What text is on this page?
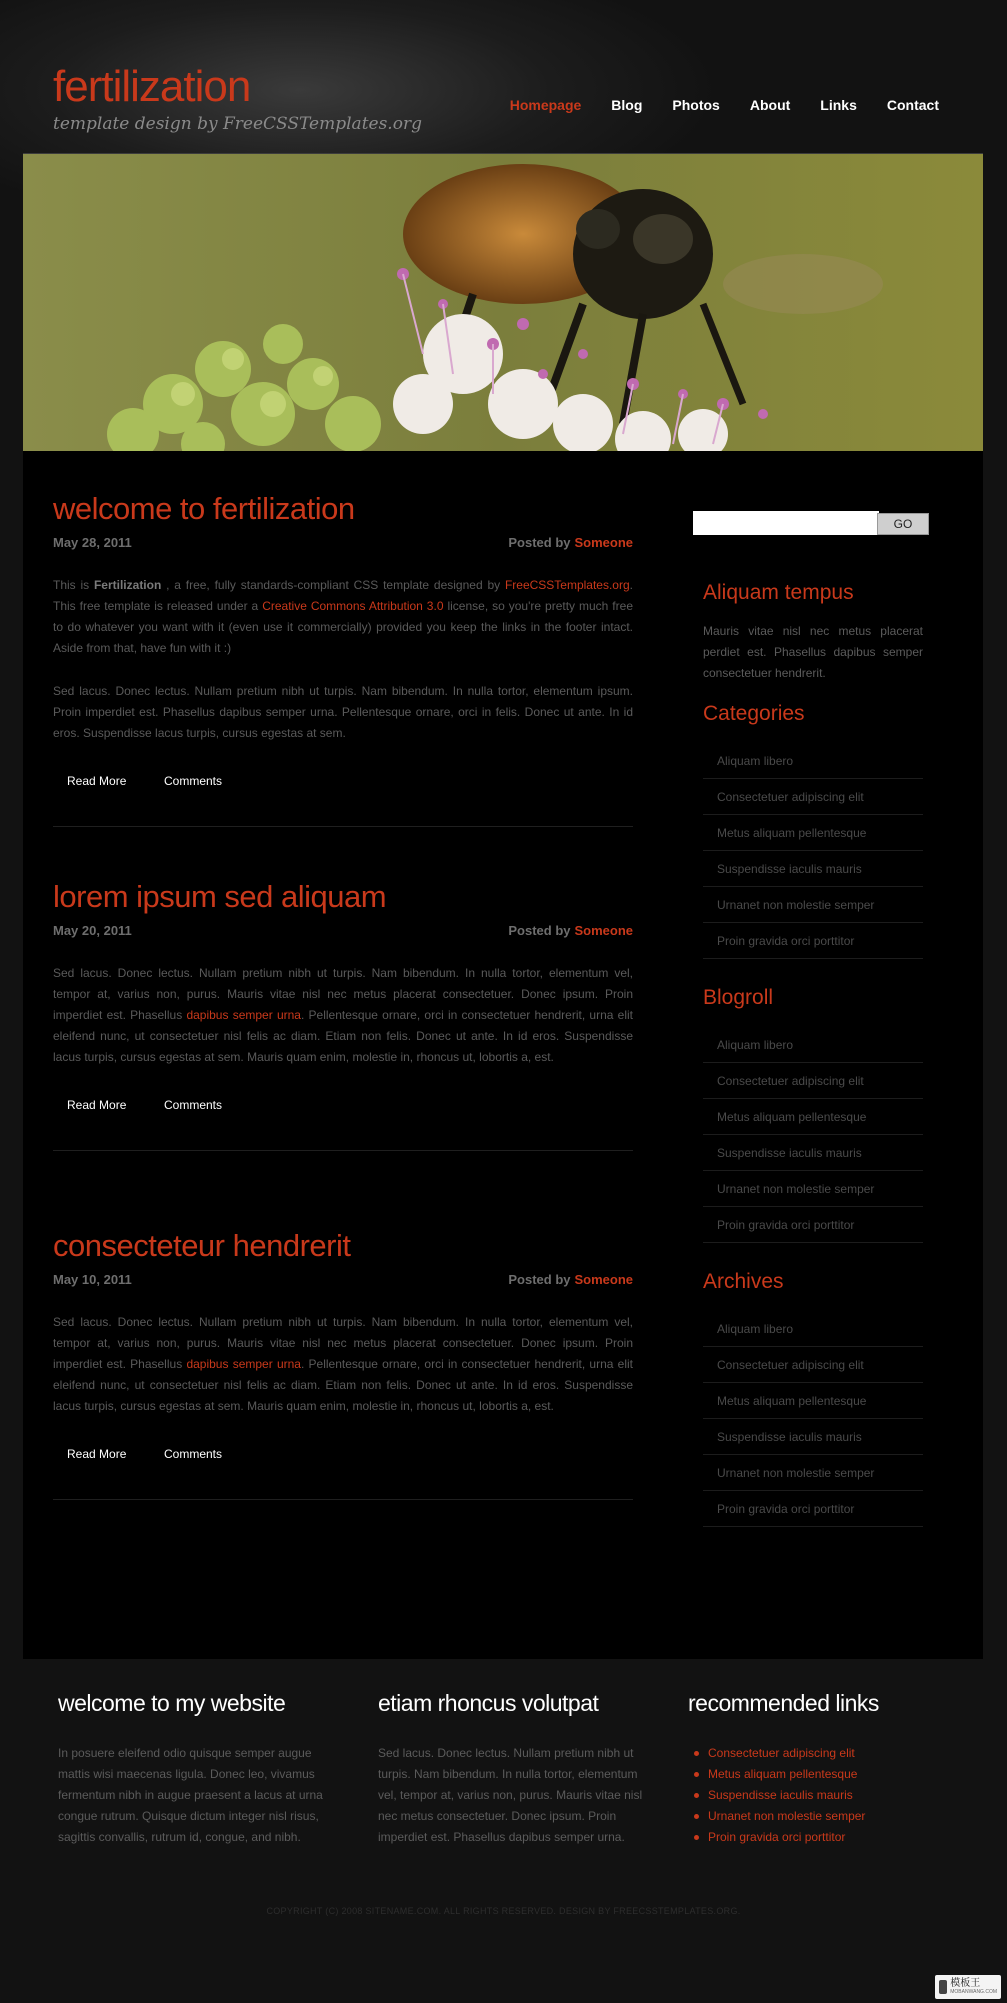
fertilization
template design by FreeCSSTemplates.org
Homepage Blog Photos About Links Contact
welcome to fertilization
May 28, 2011	Posted by Someone

This is Fertilization , a free, fully standards-compliant CSS template designed by FreeCSSTemplates.org. This free template is released under a Creative Commons Attribution 3.0 license, so you're pretty much free to do whatever you want with it (even use it commercially) provided you keep the links in the footer intact. Aside from that, have fun with it :)

Sed lacus. Donec lectus. Nullam pretium nibh ut turpis. Nam bibendum. In nulla tortor, elementum ipsum. Proin imperdiet est. Phasellus dapibus semper urna. Pellentesque ornare, orci in felis. Donec ut ante. In id eros. Suspendisse lacus turpis, cursus egestas at sem.

Read More	Comments
lorem ipsum sed aliquam
May 20, 2011	Posted by Someone

Sed lacus. Donec lectus. Nullam pretium nibh ut turpis. Nam bibendum. In nulla tortor, elementum vel, tempor at, varius non, purus. Mauris vitae nisl nec metus placerat consectetuer. Donec ipsum. Proin imperdiet est. Phasellus dapibus semper urna. Pellentesque ornare, orci in consectetuer hendrerit, urna elit eleifend nunc, ut consectetuer nisl felis ac diam. Etiam non felis. Donec ut ante. In id eros. Suspendisse lacus turpis, cursus egestas at sem. Mauris quam enim, molestie in, rhoncus ut, lobortis a, est.

Read More	Comments
consecteteur hendrerit
May 10, 2011	Posted by Someone

Sed lacus. Donec lectus. Nullam pretium nibh ut turpis. Nam bibendum. In nulla tortor, elementum vel, tempor at, varius non, purus. Mauris vitae nisl nec metus placerat consectetuer. Donec ipsum. Proin imperdiet est. Phasellus dapibus semper urna. Pellentesque ornare, orci in consectetuer hendrerit, urna elit eleifend nunc, ut consectetuer nisl felis ac diam. Etiam non felis. Donec ut ante. In id eros. Suspendisse lacus turpis, cursus egestas at sem. Mauris quam enim, molestie in, rhoncus ut, lobortis a, est.

Read More	Comments
GO
Aliquam tempus

Mauris vitae nisl nec metus placerat perdiet est. Phasellus dapibus semper consectetuer hendrerit.

Categories
Aliquam libero
Consectetuer adipiscing elit
Metus aliquam pellentesque
Suspendisse iaculis mauris
Urnanet non molestie semper
Proin gravida orci porttitor
Blogroll
Aliquam libero
Consectetuer adipiscing elit
Metus aliquam pellentesque
Suspendisse iaculis mauris
Urnanet non molestie semper
Proin gravida orci porttitor
Archives
Aliquam libero
Consectetuer adipiscing elit
Metus aliquam pellentesque
Suspendisse iaculis mauris
Urnanet non molestie semper
Proin gravida orci porttitor
welcome to my website

In posuere eleifend odio quisque semper augue mattis wisi maecenas ligula. Donec leo, vivamus fermentum nibh in augue praesent a lacus at urna congue rutrum. Quisque dictum integer nisl risus, sagittis convallis, rutrum id, congue, and nibh.

etiam rhoncus volutpat

Sed lacus. Donec lectus. Nullam pretium nibh ut turpis. Nam bibendum. In nulla tortor, elementum vel, tempor at, varius non, purus. Mauris vitae nisl nec metus consectetuer. Donec ipsum. Proin imperdiet est. Phasellus dapibus semper urna.

recommended links
Consectetuer adipiscing elit
Metus aliquam pellentesque
Suspendisse iaculis mauris
Urnanet non molestie semper
Proin gravida orci porttitor
COPYRIGHT (C) 2008 SITENAME.COM. ALL RIGHTS RESERVED. DESIGN BY FREECSSTEMPLATES.ORG.
模板王
MOBANWANG.COM
